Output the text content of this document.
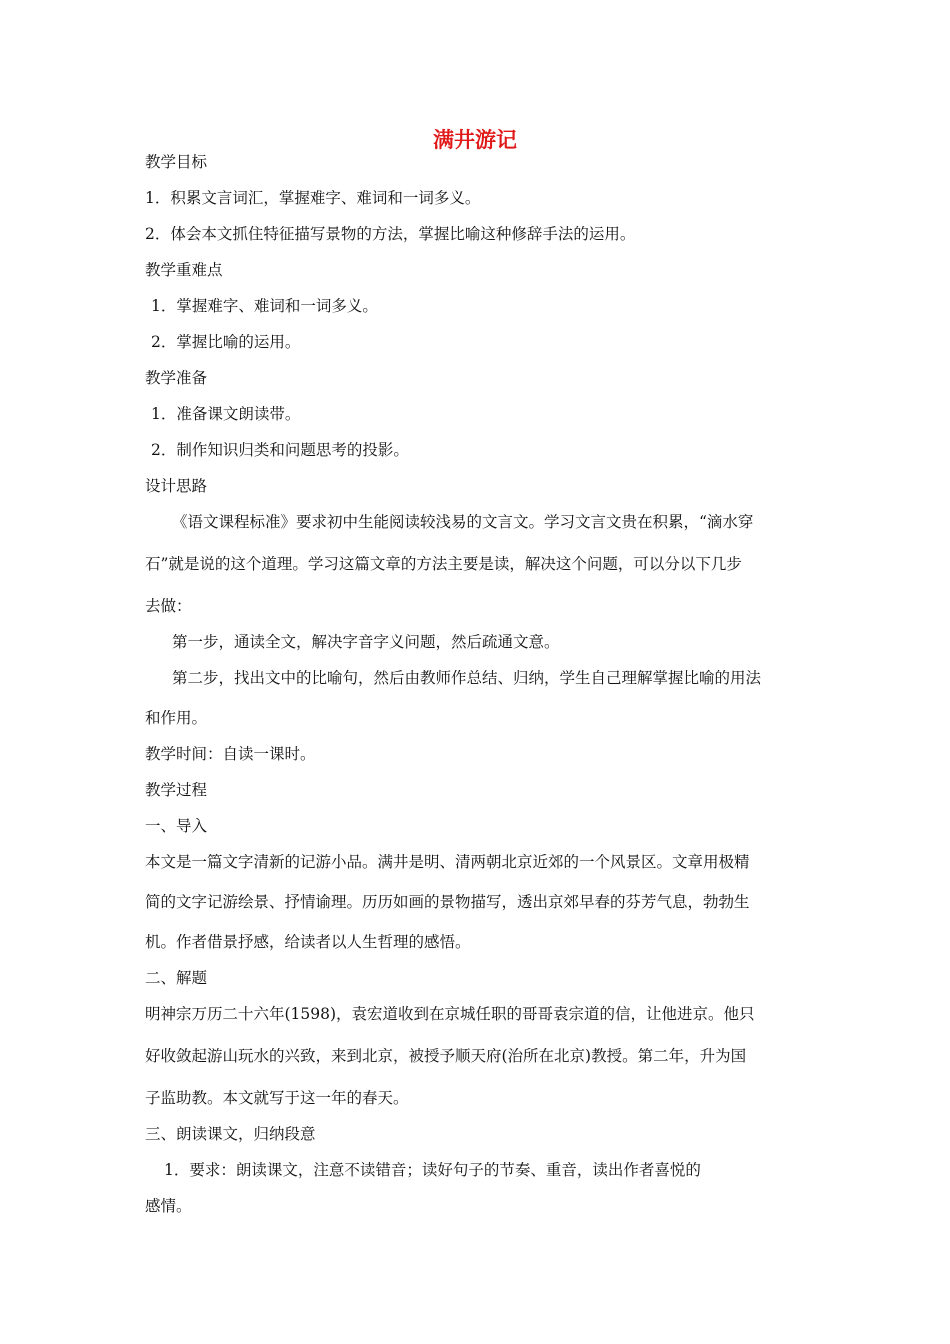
满井游记
教学目标
1．积累文言词汇，掌握难字、难词和一词多义。
2．体会本文抓住特征描写景物的方法，掌握比喻这种修辞手法的运用。
教学重难点
1．掌握难字、难词和一词多义。
2．掌握比喻的运用。
教学准备
1．准备课文朗读带。
2．制作知识归类和问题思考的投影。
设计思路
《语文课程标准》要求初中生能阅读较浅易的文言文。学习文言文贵在积累，“滴水穿
石”就是说的这个道理。学习这篇文章的方法主要是读，解决这个问题，可以分以下几步
去做：
第一步，通读全文，解决字音字义问题，然后疏通文意。
第二步，找出文中的比喻句，然后由教师作总结、归纳，学生自己理解掌握比喻的用法
和作用。
教学时间：自读一课时。
教学过程
一、导入
本文是一篇文字清新的记游小品。满井是明、清两朝北京近郊的一个风景区。文章用极精
简的文字记游绘景、抒情谕理。历历如画的景物描写，透出京郊早春的芬芳气息，勃勃生
机。作者借景抒感，给读者以人生哲理的感悟。
二、解题
明神宗万历二十六年(1598)，袁宏道收到在京城任职的哥哥袁宗道的信，让他进京。他只
好收敛起游山玩水的兴致，来到北京，被授予顺天府(治所在北京)教授。第二年，升为国
子监助教。本文就写于这一年的春天。
三、朗读课文，归纳段意
1．要求：朗读课文，注意不读错音；读好句子的节奏、重音，读出作者喜悦的
感情。
